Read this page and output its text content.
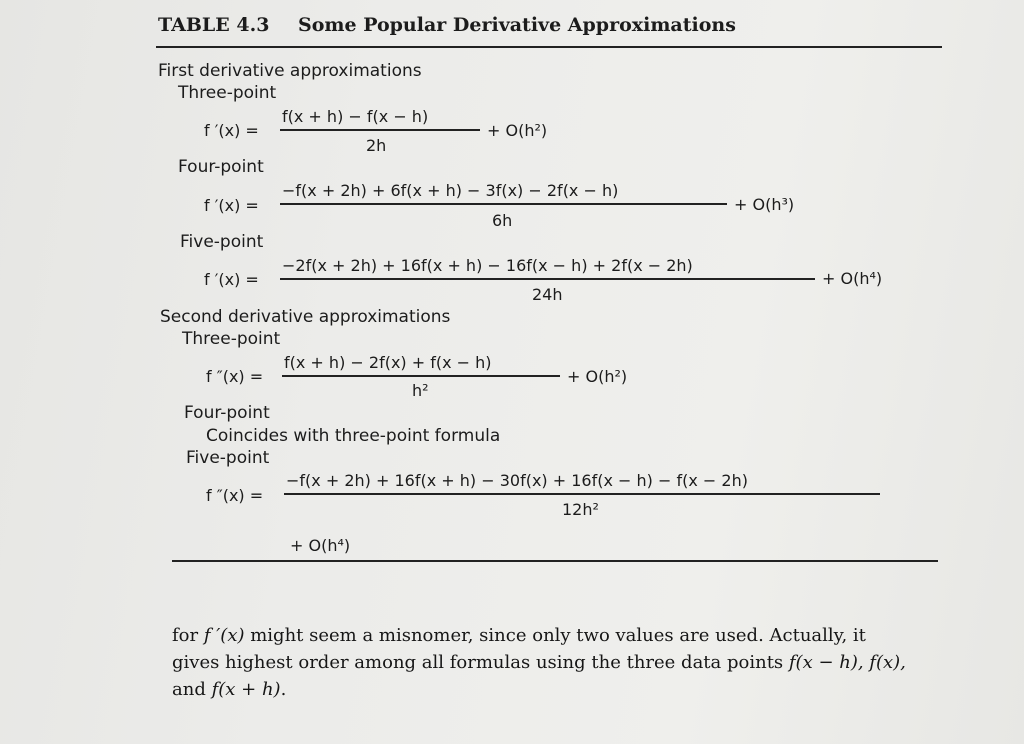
TABLE 4.3 Some Popular Derivative Approximations
First derivative approximations
Three-point
f ′(x) =
f(x + h) − f(x − h)
2h
+ O(h²)
Four-point
f ′(x) =
−f(x + 2h) + 6f(x + h) − 3f(x) − 2f(x − h)
6h
+ O(h³)
Five-point
f ′(x) =
−2f(x + 2h) + 16f(x + h) − 16f(x − h) + 2f(x − 2h)
24h
+ O(h⁴)
Second derivative approximations
Three-point
f ″(x) =
f(x + h) − 2f(x) + f(x − h)
h²
+ O(h²)
Four-point
Coincides with three-point formula
Five-point
f ″(x) =
−f(x + 2h) + 16f(x + h) − 30f(x) + 16f(x − h) − f(x − 2h)
12h²
+ O(h⁴)
for f ′(x) might seem a misnomer, since only two values are used. Actually, it
gives highest order among all formulas using the three data points f(x − h), f(x),
and f(x + h).
